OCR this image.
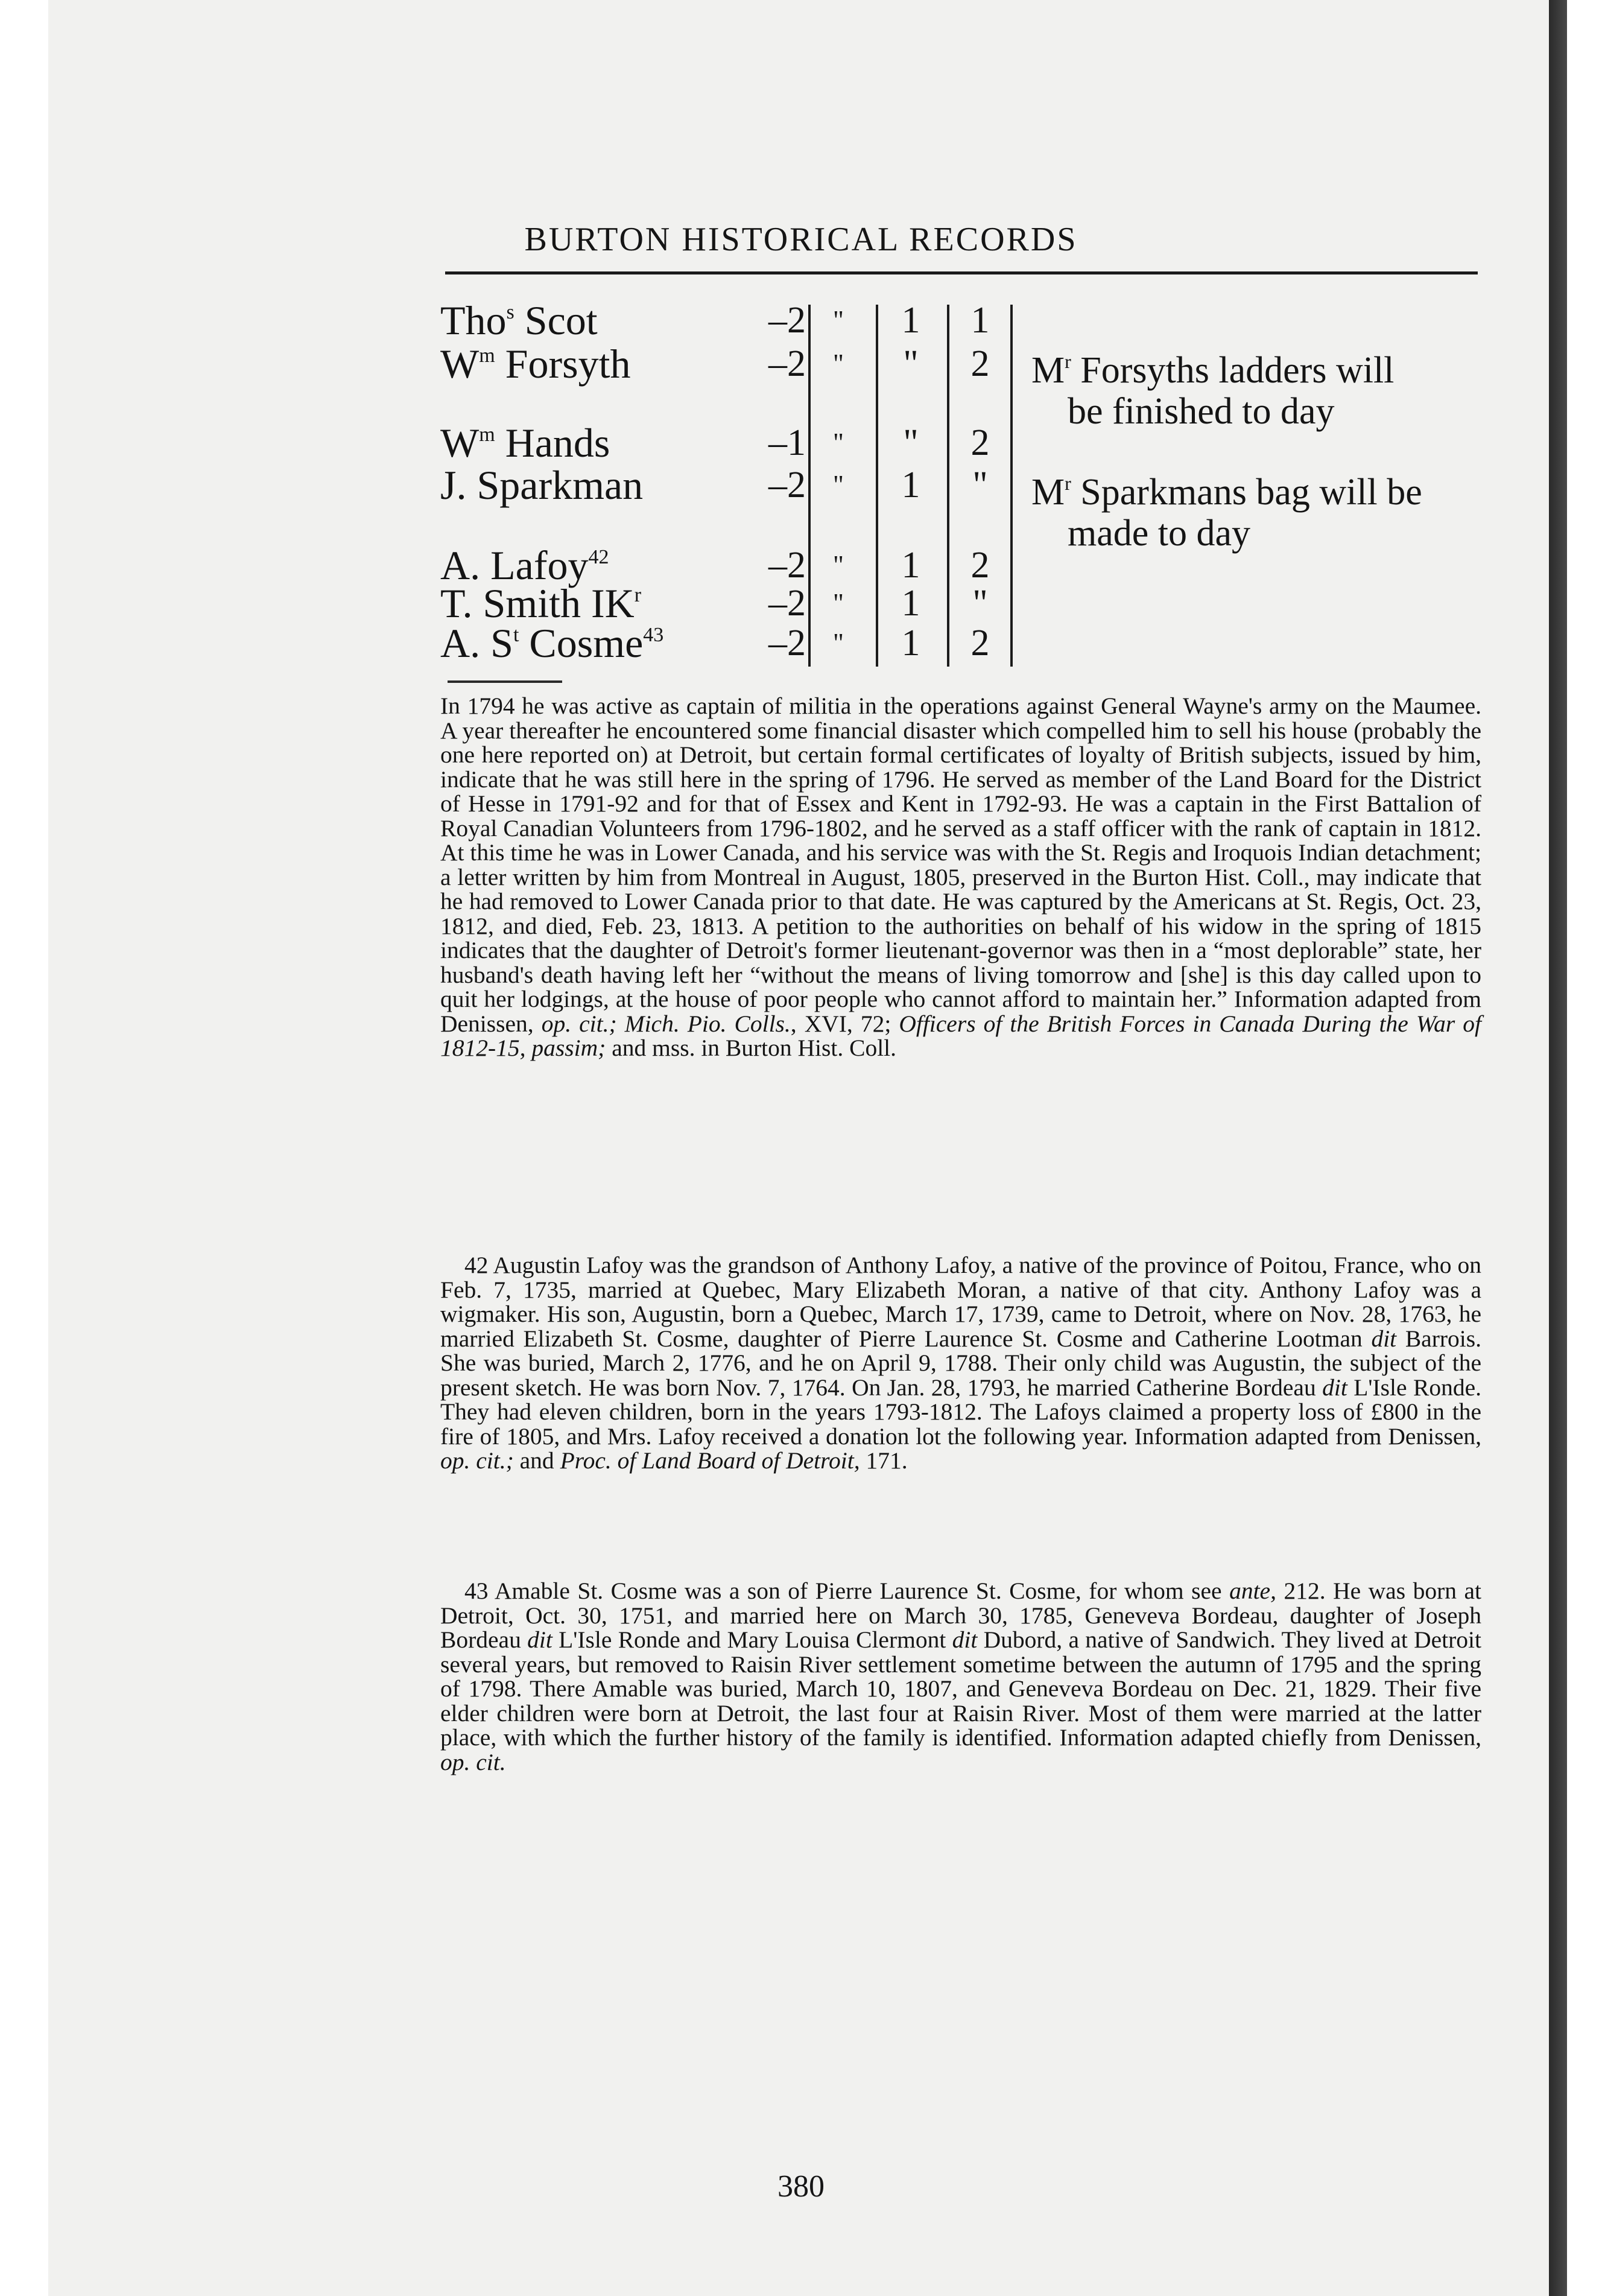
BURTON HISTORICAL RECORDS
Tho$^s$ Scot	–2	"	1	1
$W^m$ Forsyth	–2	"	"	2
$W^m$ Hands	–1	"	"	2
J. Sparkman	–2	"	1	"
A. Lafoy$^{42}$	–2	"	1	2
T. Smith $IK^r$	–2	"	1	"
A. $S^t$ Cosme$^{43}$	–2	"	1	2
$M^r$ Forsyths ladders will
be finished to day
$M^r$ Sparkmans bag will be
made to day

In 1794 he was active as captain of militia in the operations against General Wayne's army on the Maumee. A year thereafter he encountered some financial disaster which compelled him to sell his house (probably the one here reported on) at Detroit, but certain formal certificates of loyalty of British subjects, issued by him, indicate that he was still here in the spring of 1796. He served as member of the Land Board for the District of Hesse in 1791-92 and for that of Essex and Kent in 1792-93. He was a captain in the First Battalion of Royal Canadian Volunteers from 1796-1802, and he served as a staff officer with the rank of captain in 1812. At this time he was in Lower Canada, and his service was with the St. Regis and Iroquois Indian detachment; a letter written by him from Montreal in August, 1805, preserved in the Burton Hist. Coll., may indicate that he had removed to Lower Canada prior to that date. He was captured by the Americans at St. Regis, Oct. 23, 1812, and died, Feb. 23, 1813. A petition to the authorities on behalf of his widow in the spring of 1815 indicates that the daughter of Detroit's former lieutenant-governor was then in a “most deplorable” state, her husband's death having left her “without the means of living tomorrow and [she] is this day called upon to quit her lodgings, at the house of poor people who cannot afford to maintain her.” Information adapted from Denissen, op. cit.; Mich. Pio. Colls., XVI, 72; Officers of the British Forces in Canada During the War of 1812-15, passim; and mss. in Burton Hist. Coll.

42 Augustin Lafoy was the grandson of Anthony Lafoy, a native of the province of Poitou, France, who on Feb. 7, 1735, married at Quebec, Mary Elizabeth Moran, a native of that city. Anthony Lafoy was a wigmaker. His son, Augustin, born a Quebec, March 17, 1739, came to Detroit, where on Nov. 28, 1763, he married Elizabeth St. Cosme, daughter of Pierre Laurence St. Cosme and Catherine Lootman dit Barrois. She was buried, March 2, 1776, and he on April 9, 1788. Their only child was Augustin, the subject of the present sketch. He was born Nov. 7, 1764. On Jan. 28, 1793, he married Catherine Bordeau dit L'Isle Ronde. They had eleven children, born in the years 1793-1812. The Lafoys claimed a property loss of £800 in the fire of 1805, and Mrs. Lafoy received a donation lot the following year. Information adapted from Denissen, op. cit.; and Proc. of Land Board of Detroit, 171.

43 Amable St. Cosme was a son of Pierre Laurence St. Cosme, for whom see ante, 212. He was born at Detroit, Oct. 30, 1751, and married here on March 30, 1785, Geneveva Bordeau, daughter of Joseph Bordeau dit L'Isle Ronde and Mary Louisa Clermont dit Dubord, a native of Sandwich. They lived at Detroit several years, but removed to Raisin River settlement sometime between the autumn of 1795 and the spring of 1798. There Amable was buried, March 10, 1807, and Geneveva Bordeau on Dec. 21, 1829. Their five elder children were born at Detroit, the last four at Raisin River. Most of them were married at the latter place, with which the further history of the family is identified. Information adapted chiefly from Denissen, op. cit.

380
